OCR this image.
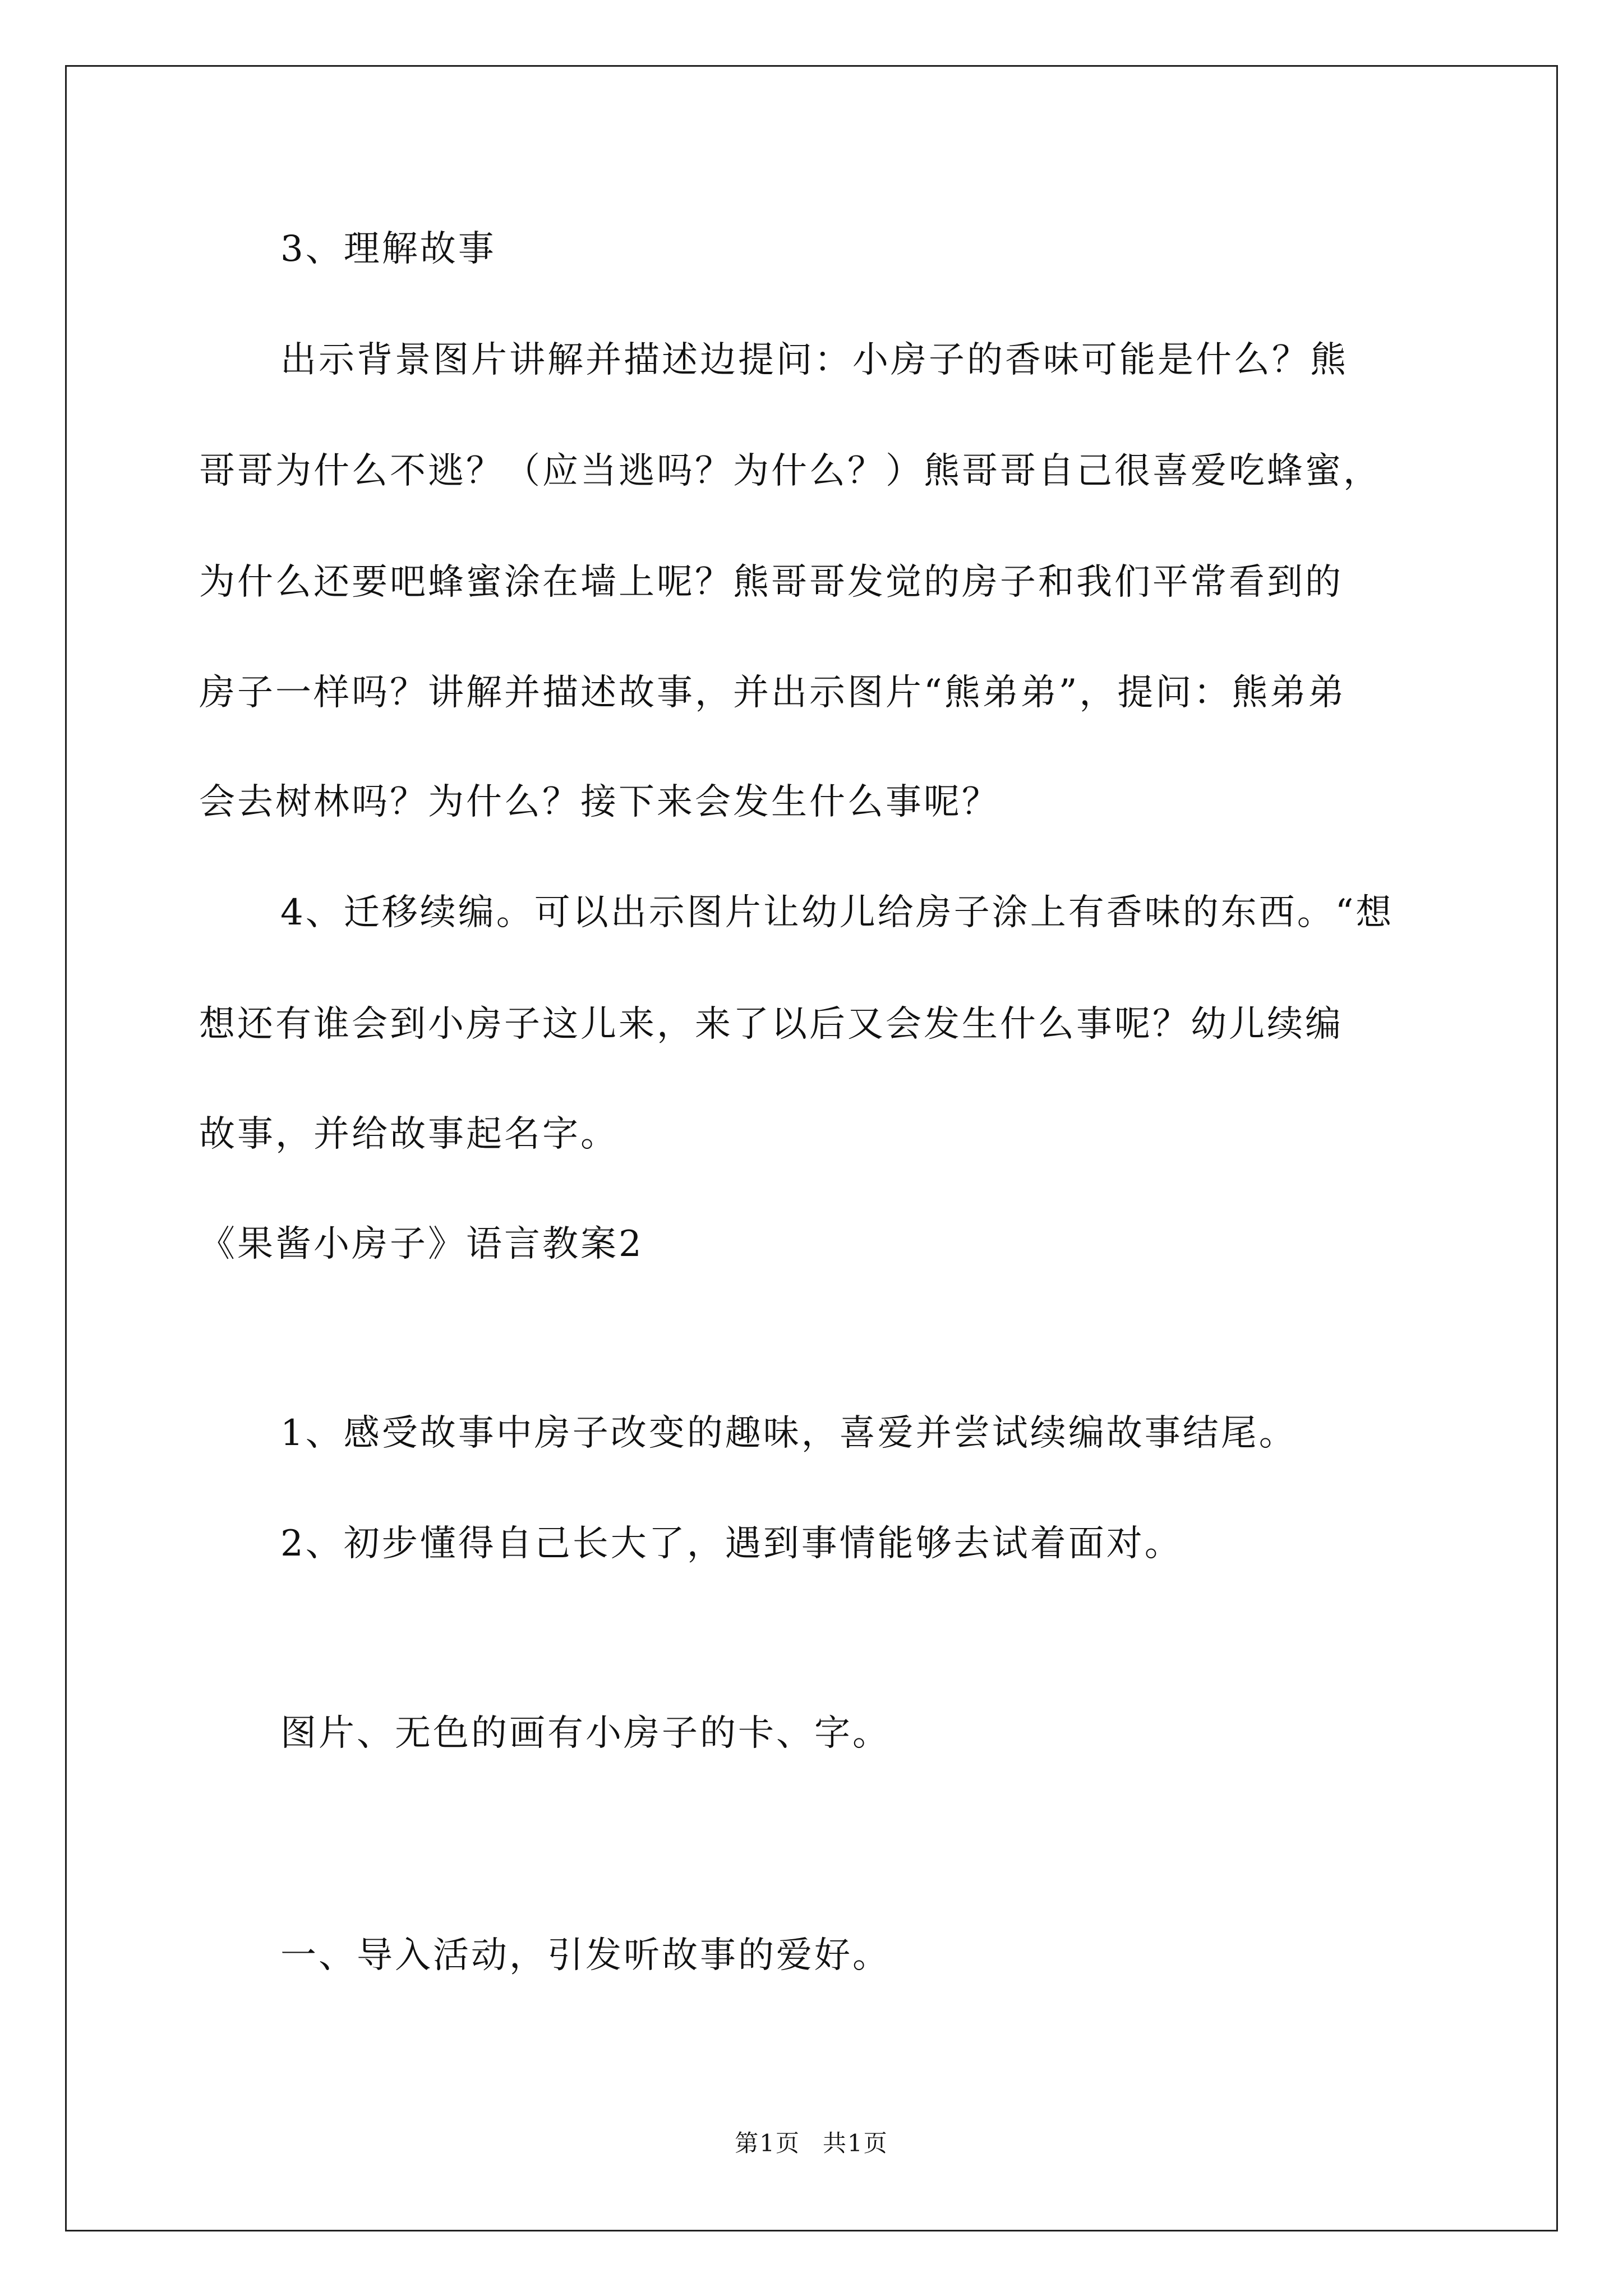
3、理解故事

出示背景图片讲解并描述边提问：小房子的香味可能是什么？熊

哥哥为什么不逃？（应当逃吗？为什么？）熊哥哥自己很喜爱吃蜂蜜，

为什么还要吧蜂蜜涂在墙上呢？熊哥哥发觉的房子和我们平常看到的

房子一样吗？讲解并描述故事，并出示图片“熊弟弟”，提问：熊弟弟

会去树林吗？为什么？接下来会发生什么事呢？

4、迁移续编。可以出示图片让幼儿给房子涂上有香味的东西。“想

想还有谁会到小房子这儿来，来了以后又会发生什么事呢？幼儿续编

故事，并给故事起名字。

《果酱小房子》语言教案2

1、感受故事中房子改变的趣味，喜爱并尝试续编故事结尾。

2、初步懂得自己长大了，遇到事情能够去试着面对。

图片、无色的画有小房子的卡、字。

一、导入活动，引发听故事的爱好。

第1页 共1页
